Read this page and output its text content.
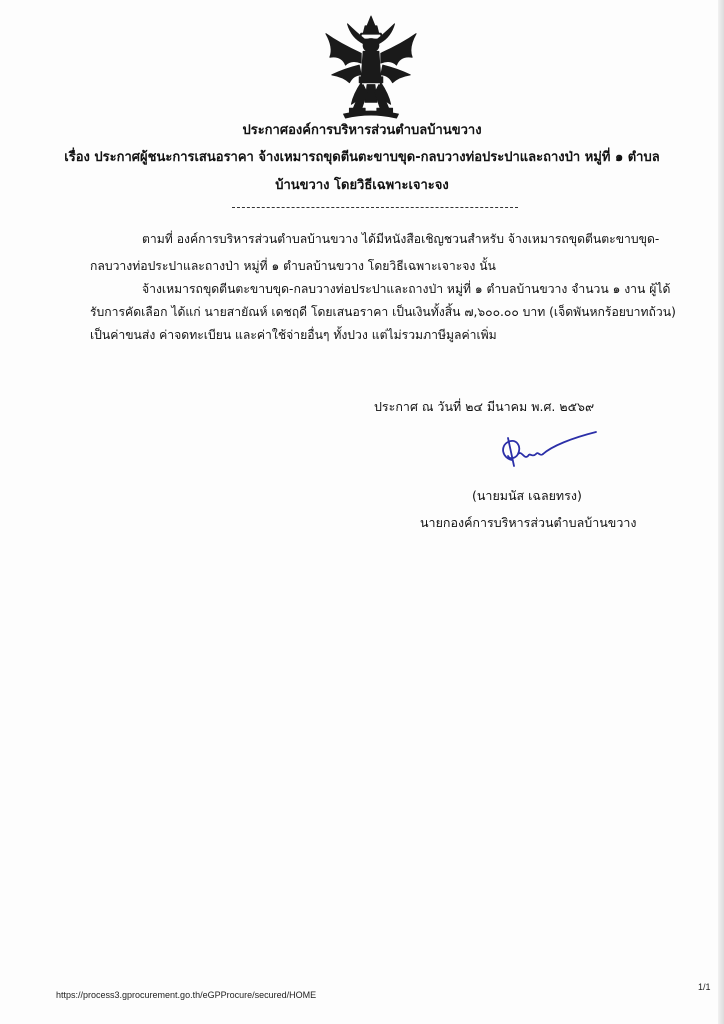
ประกาศองค์การบริหารส่วนตำบลบ้านขวาง
เรื่อง ประกาศผู้ชนะการเสนอราคา จ้างเหมารถขุดตีนตะขาบขุด-กลบวางท่อประปาและถางป่า หมู่ที่ ๑ ตำบล
บ้านขวาง โดยวิธีเฉพาะเจาะจง
ตามที่ องค์การบริหารส่วนตำบลบ้านขวาง ได้มีหนังสือเชิญชวนสำหรับ จ้างเหมารถขุดตีนตะขาบขุด-
กลบวางท่อประปาและถางป่า หมู่ที่ ๑ ตำบลบ้านขวาง โดยวิธีเฉพาะเจาะจง นั้น
จ้างเหมารถขุดตีนตะขาบขุด-กลบวางท่อประปาและถางป่า หมู่ที่ ๑ ตำบลบ้านขวาง จำนวน ๑ งาน ผู้ได้
รับการคัดเลือก ได้แก่ นายสายัณห์ เดชฤดี โดยเสนอราคา เป็นเงินทั้งสิ้น ๗,๖๐๐.๐๐ บาท (เจ็ดพันหกร้อยบาทถ้วน)
เป็นค่าขนส่ง ค่าจดทะเบียน และค่าใช้จ่ายอื่นๆ ทั้งปวง แต่ไม่รวมภาษีมูลค่าเพิ่ม
ประกาศ ณ วันที่ ๒๔ มีนาคม พ.ศ. ๒๕๖๙
(นายมนัส เฉลยทรง)
นายกองค์การบริหารส่วนตำบลบ้านขวาง
https://process3.gprocurement.go.th/eGPProcure/secured/HOME
1/1
